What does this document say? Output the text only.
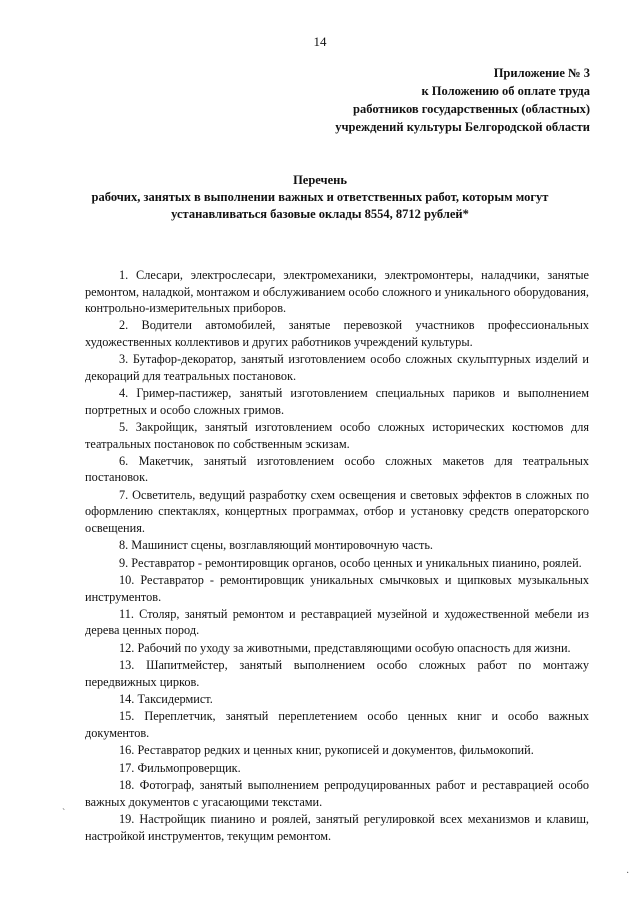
14
Приложение № 3
к Положению об оплате труда
работников государственных (областных)
учреждений культуры Белгородской области
Перечень
рабочих, занятых в выполнении важных и ответственных работ, которым могут
устанавливаться базовые оклады 8554, 8712 рублей*

1. Слесари, электрослесари, электромеханики, электромонтеры, наладчики, занятые ремонтом, наладкой, монтажом и обслуживанием особо сложного и уникального оборудования, контрольно-измерительных приборов.

2. Водители автомобилей, занятые перевозкой участников профессиональных художественных коллективов и других работников учреждений культуры.

3. Бутафор-декоратор, занятый изготовлением особо сложных скульптурных изделий и декораций для театральных постановок.

4. Гример-пастижер, занятый изготовлением специальных париков и выполнением портретных и особо сложных гримов.

5. Закройщик, занятый изготовлением особо сложных исторических костюмов для театральных постановок по собственным эскизам.

6. Макетчик, занятый изготовлением особо сложных макетов для театральных постановок.

7. Осветитель, ведущий разработку схем освещения и световых эффектов в сложных по оформлению спектаклях, концертных программах, отбор и установку средств операторского освещения.

8. Машинист сцены, возглавляющий монтировочную часть.

9. Реставратор - ремонтировщик органов, особо ценных и уникальных пианино, роялей.

10. Реставратор - ремонтировщик уникальных смычковых и щипковых музыкальных инструментов.

11. Столяр, занятый ремонтом и реставрацией музейной и художественной мебели из дерева ценных пород.

12. Рабочий по уходу за животными, представляющими особую опасность для жизни.

13. Шапитмейстер, занятый выполнением особо сложных работ по монтажу передвижных цирков.

14. Таксидермист.

15. Переплетчик, занятый переплетением особо ценных книг и особо важных документов.

16. Реставратор редких и ценных книг, рукописей и документов, фильмокопий.

17. Фильмопроверщик.

18. Фотограф, занятый выполнением репродуцированных работ и реставрацией особо важных документов с угасающими текстами.

19. Настройщик пианино и роялей, занятый регулировкой всех механизмов и клавиш, настройкой инструментов, текущим ремонтом.

ˋ
·
